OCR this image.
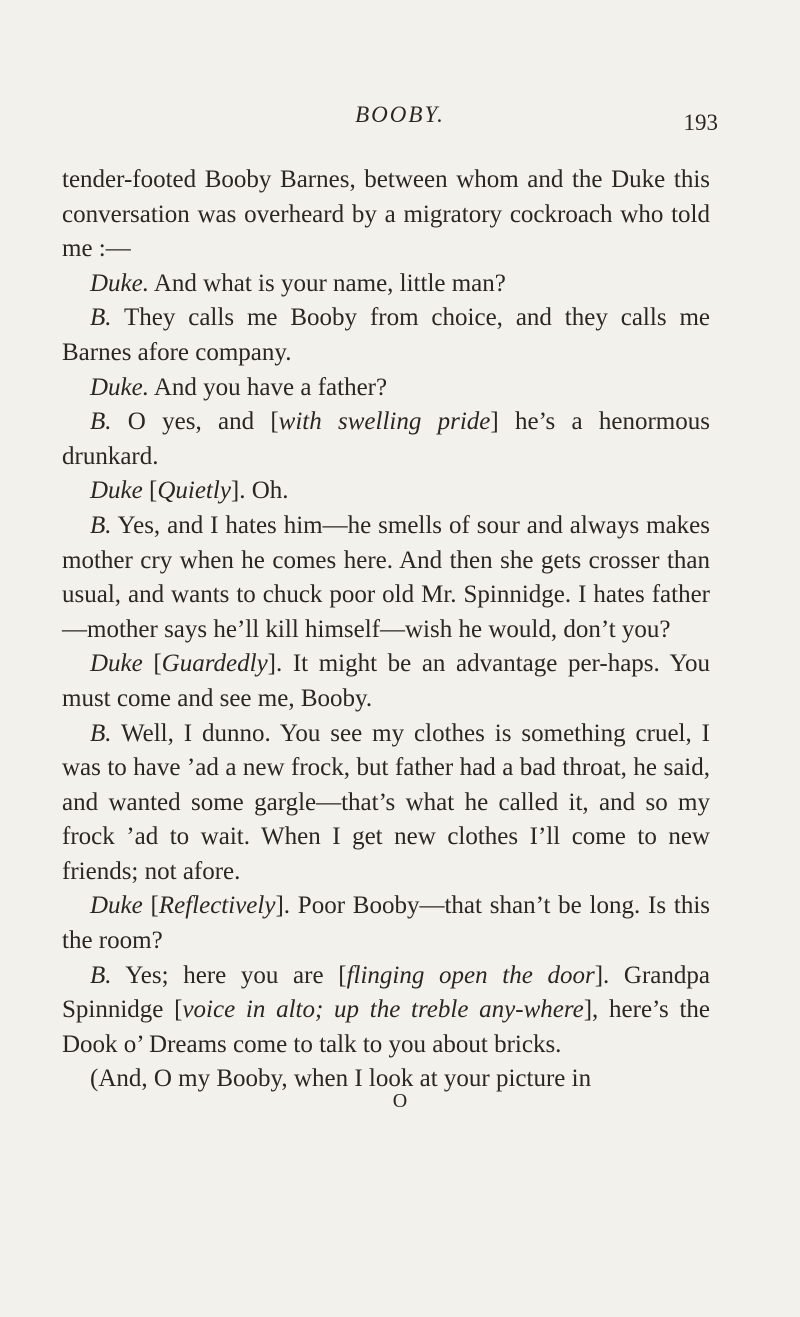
BOOBY.	193

tender-footed Booby Barnes, between whom and the Duke this conversation was overheard by a migratory cockroach who told me :—

Duke. And what is your name, little man?

B. They calls me Booby from choice, and they calls me Barnes afore company.

Duke. And you have a father?

B. O yes, and [with swelling pride] he’s a henormous drunkard.

Duke [Quietly]. Oh.

B. Yes, and I hates him—he smells of sour and always makes mother cry when he comes here. And then she gets crosser than usual, and wants to chuck poor old Mr. Spinnidge. I hates father—mother says he’ll kill himself—wish he would, don’t you?

Duke [Guardedly]. It might be an advantage per-haps. You must come and see me, Booby.

B. Well, I dunno. You see my clothes is something cruel, I was to have ’ad a new frock, but father had a bad throat, he said, and wanted some gargle—that’s what he called it, and so my frock ’ad to wait. When I get new clothes I’ll come to new friends; not afore.

Duke [Reflectively]. Poor Booby—that shan’t be long. Is this the room?

B. Yes; here you are [flinging open the door]. Grandpa Spinnidge [voice in alto; up the treble any-where], here’s the Dook o’ Dreams come to talk to you about bricks.

(And, O my Booby, when I look at your picture in

O
